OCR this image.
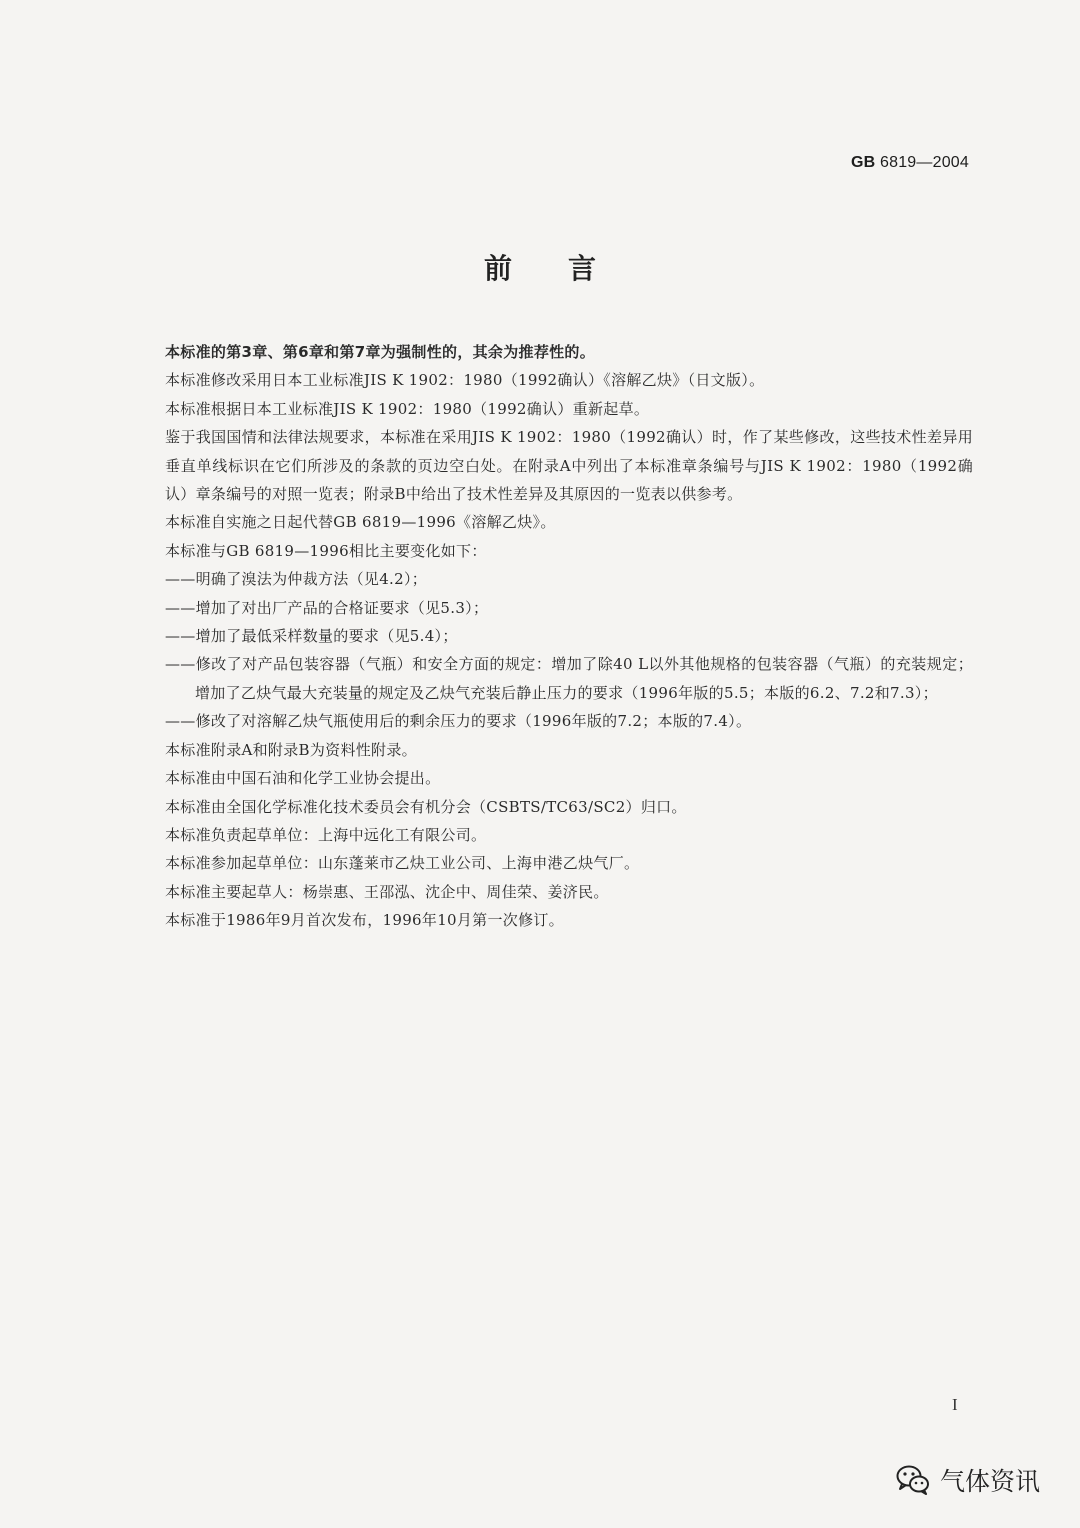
GB 6819—2004
前言

本标准的第3章、第6章和第7章为强制性的，其余为推荐性的。

本标准修改采用日本工业标准JIS K 1902：1980（1992确认）《溶解乙炔》（日文版）。

本标准根据日本工业标准JIS K 1902：1980（1992确认）重新起草。

鉴于我国国情和法律法规要求，本标准在采用JIS K 1902：1980（1992确认）时，作了某些修改，这些技术性差异用垂直单线标识在它们所涉及的条款的页边空白处。在附录A中列出了本标准章条编号与JIS K 1902：1980（1992确认）章条编号的对照一览表；附录B中给出了技术性差异及其原因的一览表以供参考。

本标准自实施之日起代替GB 6819—1996《溶解乙炔》。

本标准与GB 6819—1996相比主要变化如下：

——明确了溴法为仲裁方法（见4.2）；

——增加了对出厂产品的合格证要求（见5.3）；

——增加了最低采样数量的要求（见5.4）；

——修改了对产品包装容器（气瓶）和安全方面的规定：增加了除40 L以外其他规格的包装容器（气瓶）的充装规定；增加了乙炔气最大充装量的规定及乙炔气充装后静止压力的要求（1996年版的5.5；本版的6.2、7.2和7.3）；

——修改了对溶解乙炔气瓶使用后的剩余压力的要求（1996年版的7.2；本版的7.4）。

本标准附录A和附录B为资料性附录。

本标准由中国石油和化学工业协会提出。

本标准由全国化学标准化技术委员会有机分会（CSBTS/TC63/SC2）归口。

本标准负责起草单位：上海中远化工有限公司。

本标准参加起草单位：山东蓬莱市乙炔工业公司、上海申港乙炔气厂。

本标准主要起草人：杨崇惠、王邵泓、沈企中、周佳荣、姜济民。

本标准于1986年9月首次发布，1996年10月第一次修订。

I
气体资讯
